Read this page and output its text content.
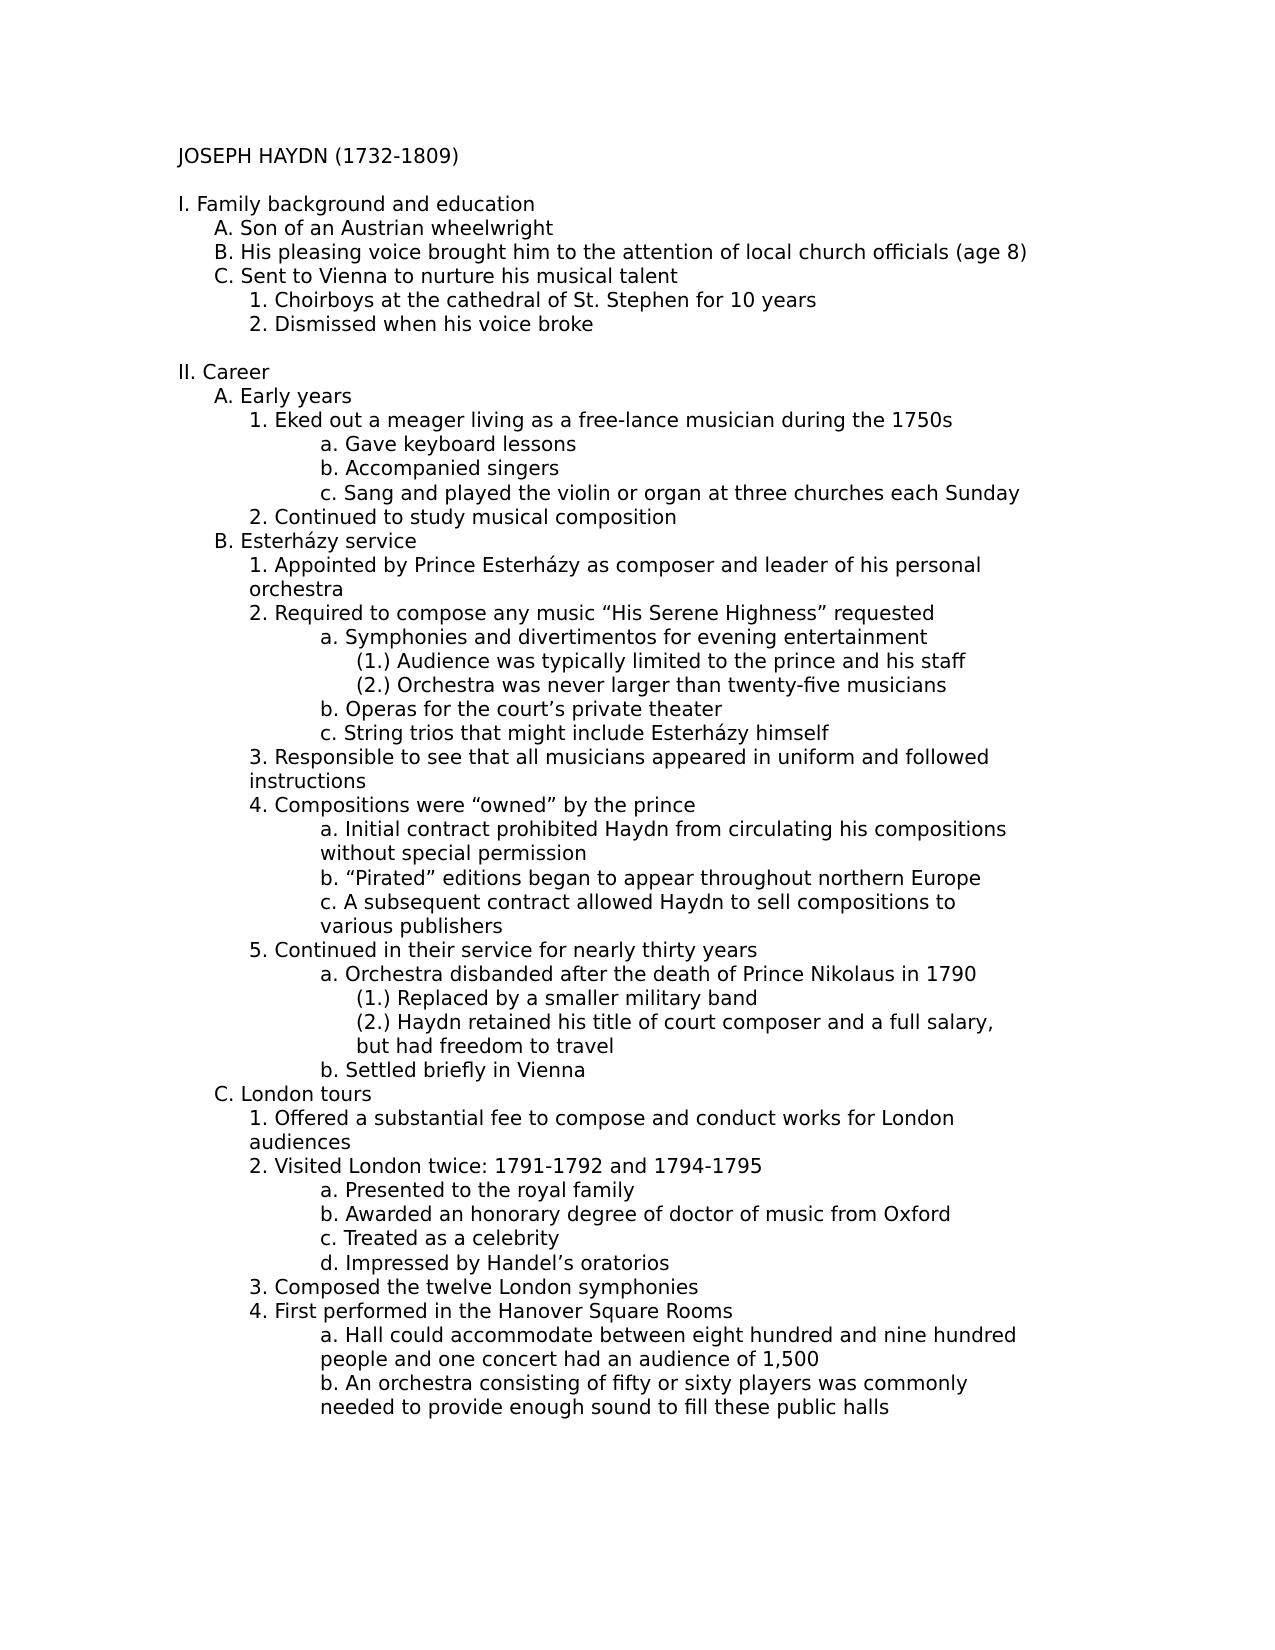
JOSEPH HAYDN (1732-1809)
I. Family background and education
A. Son of an Austrian wheelwright
B. His pleasing voice brought him to the attention of local church officials (age 8)
C. Sent to Vienna to nurture his musical talent
1. Choirboys at the cathedral of St. Stephen for 10 years
2. Dismissed when his voice broke
II. Career
A. Early years
1. Eked out a meager living as a free-lance musician during the 1750s
a. Gave keyboard lessons
b. Accompanied singers
c. Sang and played the violin or organ at three churches each Sunday
2. Continued to study musical composition
B. Esterházy service
1. Appointed by Prince Esterházy as composer and leader of his personal
orchestra
2. Required to compose any music “His Serene Highness” requested
a. Symphonies and divertimentos for evening entertainment
(1.) Audience was typically limited to the prince and his staff
(2.) Orchestra was never larger than twenty-five musicians
b. Operas for the court’s private theater
c. String trios that might include Esterházy himself
3. Responsible to see that all musicians appeared in uniform and followed
instructions
4. Compositions were “owned” by the prince
a. Initial contract prohibited Haydn from circulating his compositions
without special permission
b. “Pirated” editions began to appear throughout northern Europe
c. A subsequent contract allowed Haydn to sell compositions to
various publishers
5. Continued in their service for nearly thirty years
a. Orchestra disbanded after the death of Prince Nikolaus in 1790
(1.) Replaced by a smaller military band
(2.) Haydn retained his title of court composer and a full salary,
but had freedom to travel
b. Settled briefly in Vienna
C. London tours
1. Offered a substantial fee to compose and conduct works for London
audiences
2. Visited London twice: 1791-1792 and 1794-1795
a. Presented to the royal family
b. Awarded an honorary degree of doctor of music from Oxford
c. Treated as a celebrity
d. Impressed by Handel’s oratorios
3. Composed the twelve London symphonies
4. First performed in the Hanover Square Rooms
a. Hall could accommodate between eight hundred and nine hundred
people and one concert had an audience of 1,500
b. An orchestra consisting of fifty or sixty players was commonly
needed to provide enough sound to fill these public halls
